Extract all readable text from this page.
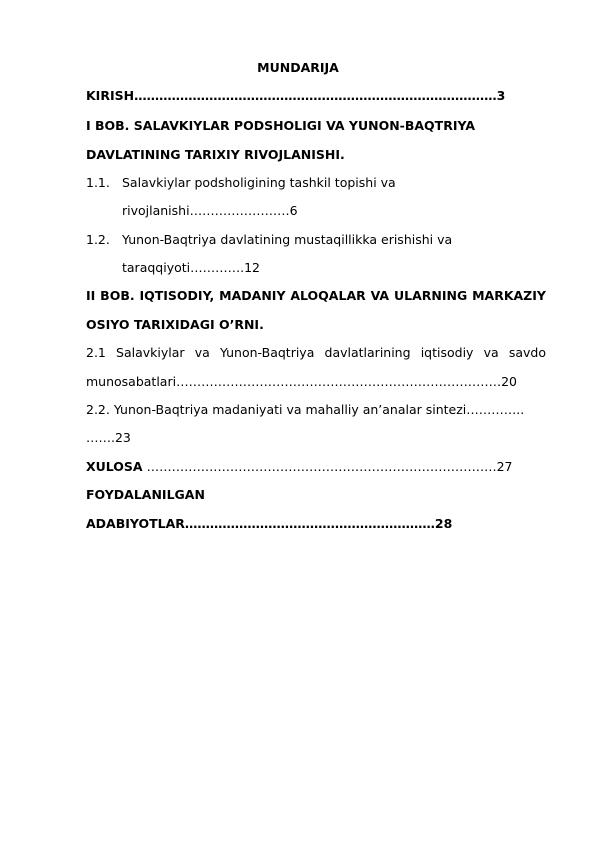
MUNDARIJA
KIRISH……………………………………………………………………………3
I BOB. SALAVKIYLAR PODSHOLIGI VA YUNON-BAQTRIYA
DAVLATINING TARIXIY RIVOJLANISHI.
1.1. Salavkiylar podsholigining tashkil topishi va
rivojlanishi……………………6
1.2. Yunon-Baqtriya davlatining mustaqillikka erishishi va
taraqqiyoti………….12
II BOB. IQTISODIY, MADANIY ALOQALAR VA ULARNING MARKAZIY
OSIYO TARIXIDAGI O’RNI.
2.1 Salavkiylar va Yunon-Baqtriya davlatlarining iqtisodiy va savdo
munosabatlari……………………………………………………………………20
2.2. Yunon-Baqtriya madaniyati va mahalliy an’analar sintezi…………..
…….23
XULOSA …………………………………………………………………………27
FOYDALANILGAN
ADABIYOTLAR……………………………………………………28
